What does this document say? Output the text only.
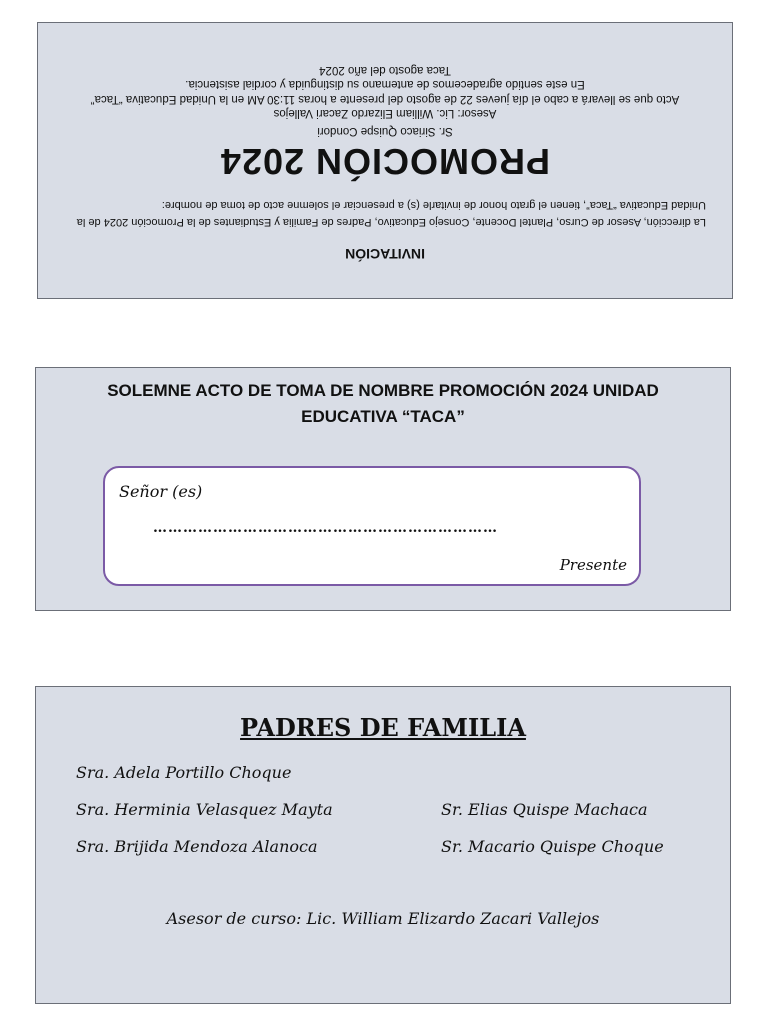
INVITACIÓN
La dirección, Asesor de Curso, Plantel Docente, Consejo Educativo, Padres de Familia y Estudiantes de la Promoción 2024 de la Unidad Educativa “Taca”, tienen el grato honor de invitarle (s) a presenciar el solemne acto de toma de nombre:
PROMOCIÓN 2024
Sr. Siriaco Quispe Condori
Asesor: Lic. William Elizardo Zacari Vallejos
Acto que se llevará a cabo el día jueves 22 de agosto del presente a horas 11:30 AM en la Unidad Educativa “Taca”
En este sentido agradecemos de antemano su distinguida y cordial asistencia.
Taca agosto del año 2024
SOLEMNE ACTO DE TOMA DE NOMBRE PROMOCIÓN 2024 UNIDAD
EDUCATIVA “TACA”
Señor (es)
……………………………………………………………
Presente
PADRES DE FAMILIA
Sra. Adela Portillo Choque
Sra. Herminia Velasquez Mayta	Sr. Elias Quispe Machaca
Sra. Brijida Mendoza Alanoca	Sr. Macario Quispe Choque
Asesor de curso: Lic. William Elizardo Zacari Vallejos
